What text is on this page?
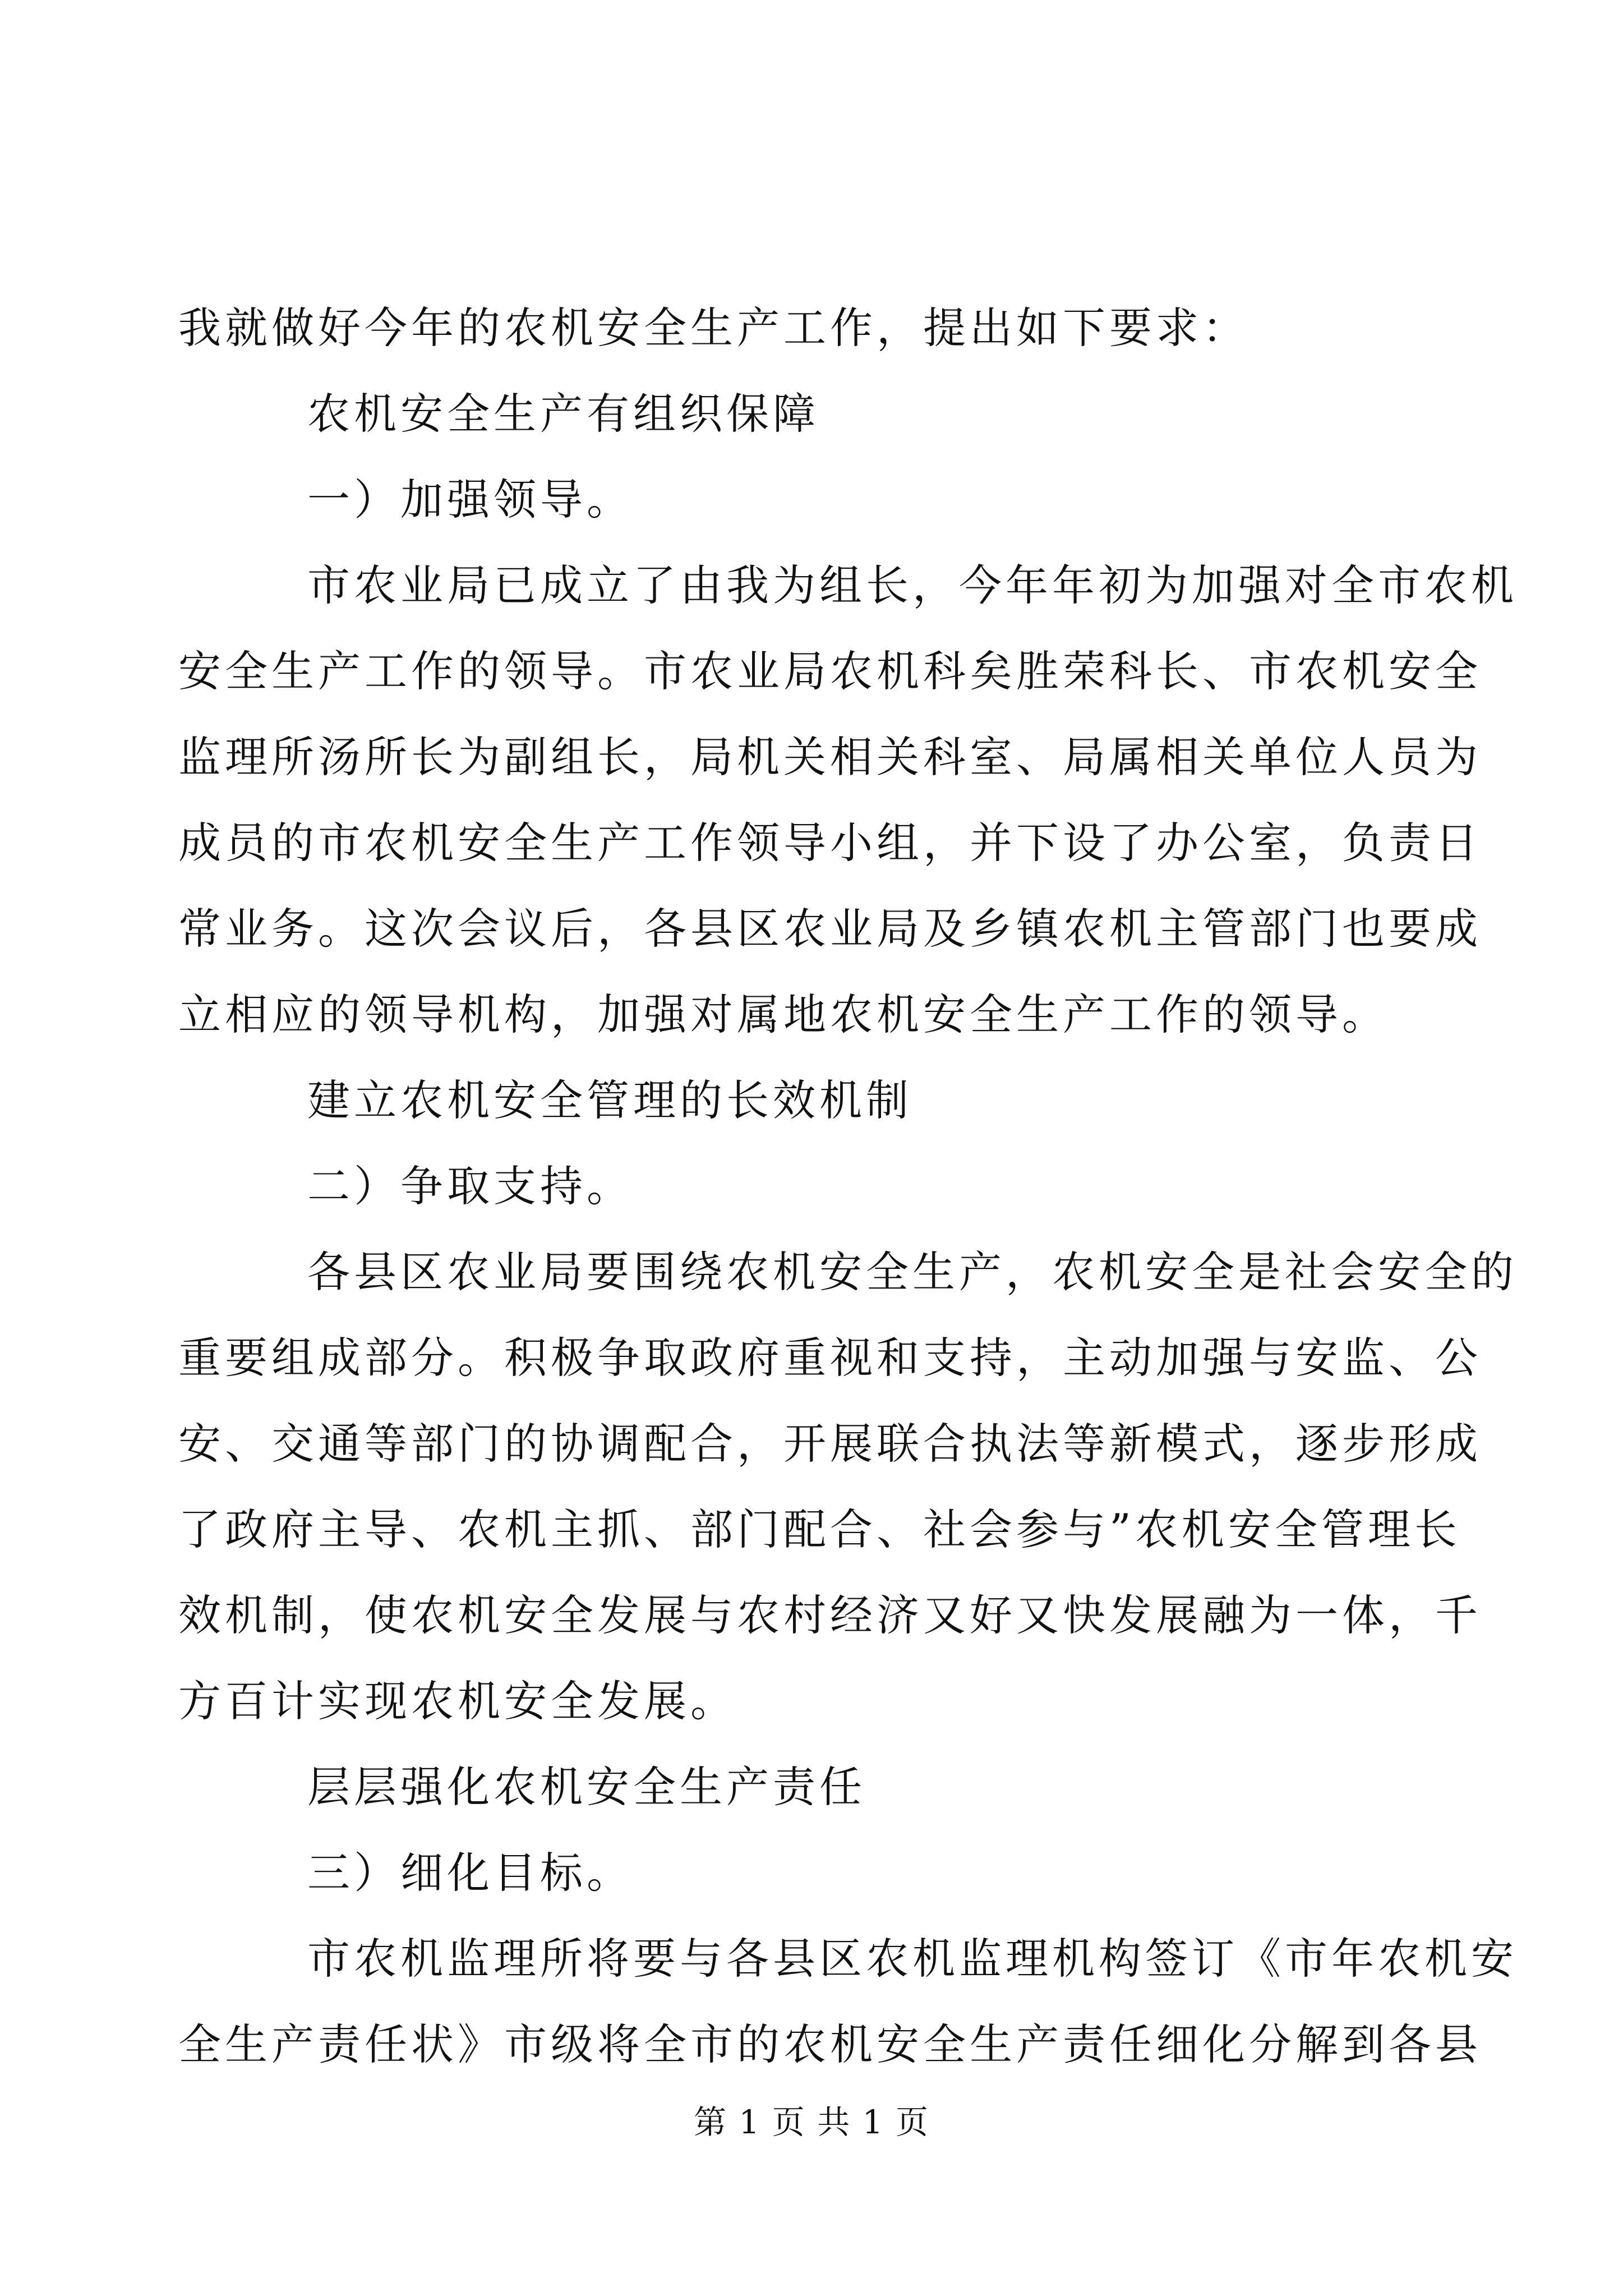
我就做好今年的农机安全生产工作，提出如下要求：
农机安全生产有组织保障
一）加强领导。
市农业局已成立了由我为组长，今年年初为加强对全市农机
安全生产工作的领导。市农业局农机科矣胜荣科长、市农机安全
监理所汤所长为副组长，局机关相关科室、局属相关单位人员为
成员的市农机安全生产工作领导小组，并下设了办公室，负责日
常业务。这次会议后，各县区农业局及乡镇农机主管部门也要成
立相应的领导机构，加强对属地农机安全生产工作的领导。
建立农机安全管理的长效机制
二）争取支持。
各县区农业局要围绕农机安全生产，农机安全是社会安全的
重要组成部分。积极争取政府重视和支持，主动加强与安监、公
安、交通等部门的协调配合，开展联合执法等新模式，逐步形成
了政府主导、农机主抓、部门配合、社会参与”农机安全管理长
效机制，使农机安全发展与农村经济又好又快发展融为一体，千
方百计实现农机安全发展。
层层强化农机安全生产责任
三）细化目标。
市农机监理所将要与各县区农机监理机构签订《市年农机安
全生产责任状》市级将全市的农机安全生产责任细化分解到各县
第 1 页 共 1 页
